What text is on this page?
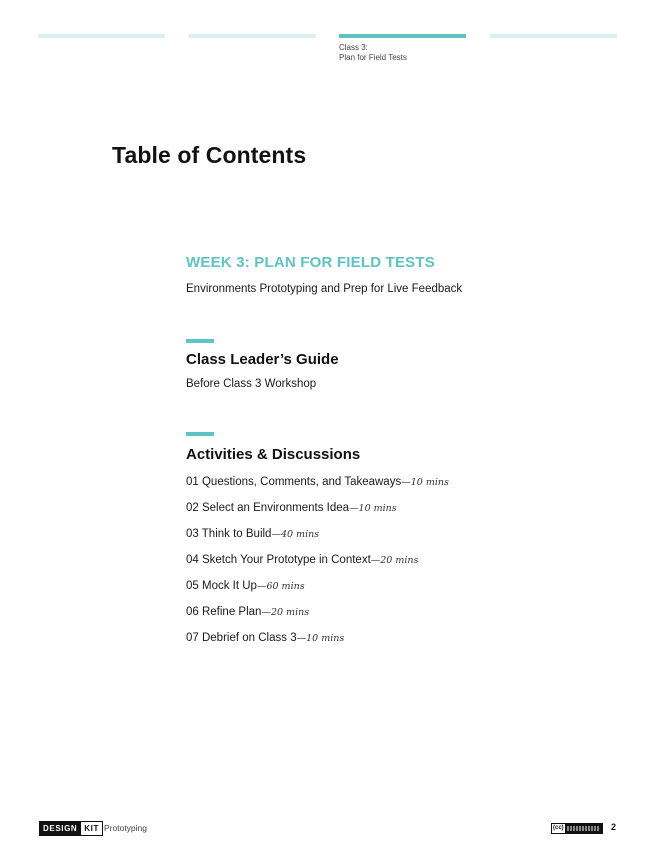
Class 3:
Plan for Field Tests
Table of Contents
WEEK 3: PLAN FOR FIELD TESTS
Environments Prototyping and Prep for Live Feedback
Class Leader’s Guide
Before Class 3 Workshop
Activities & Discussions
01 Questions, Comments, and Takeaways—10 mins
02 Select an Environments Idea—10 mins
03 Think to Build—40 mins
04 Sketch Your Prototype in Context—20 mins
05 Mock It Up—60 mins
06 Refine Plan—20 mins
07 Debrief on Class 3—10 mins
DESIGN KIT Prototyping	(cc)	2
